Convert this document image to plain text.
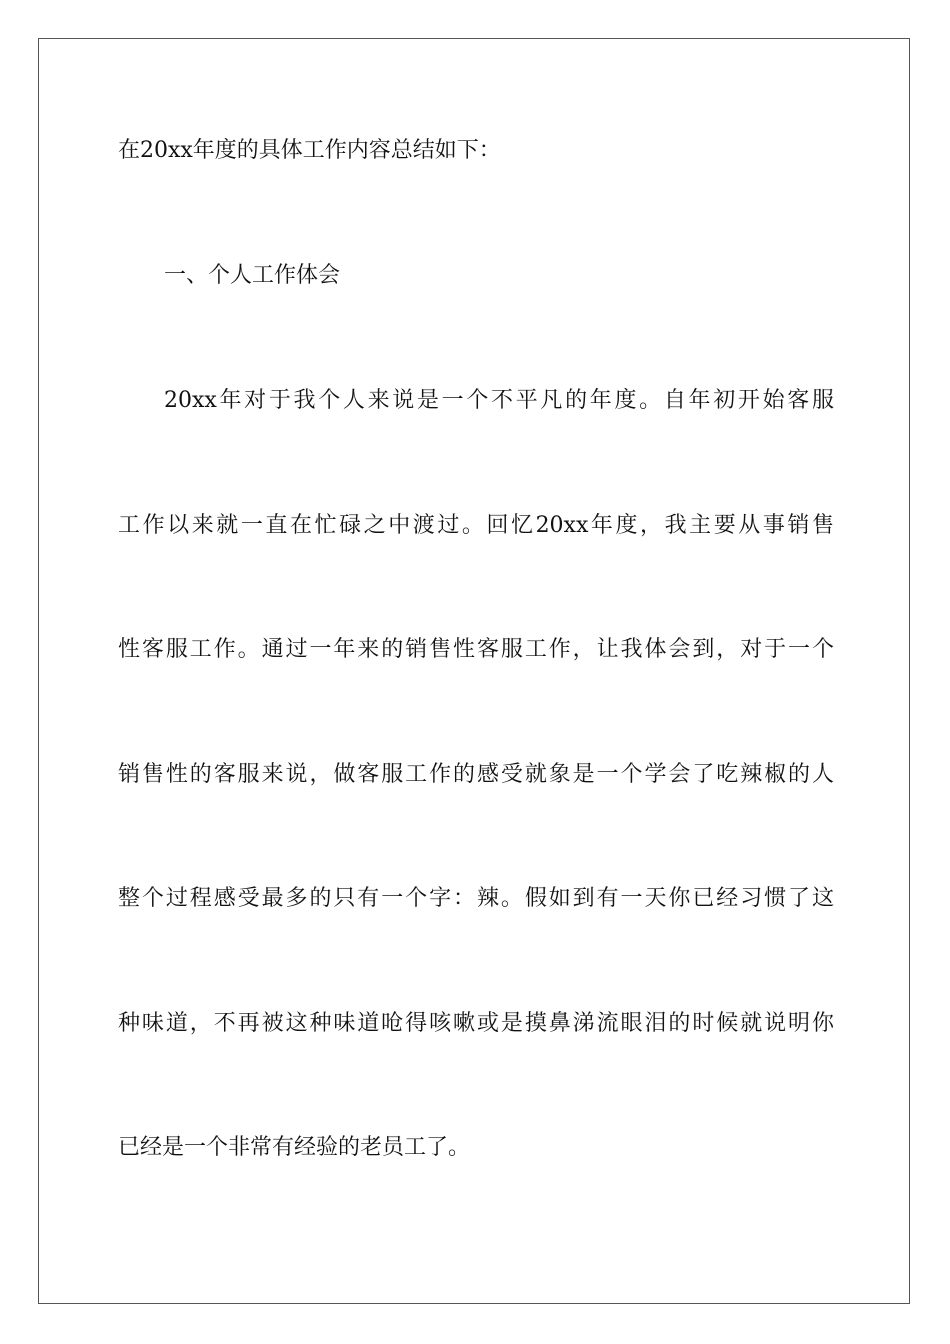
在20xx年度的具体工作内容总结如下：
一、个人工作体会
20xx年对于我个人来说是一个不平凡的年度。自年初开始客服
工作以来就一直在忙碌之中渡过。回忆20xx年度，我主要从事销售
性客服工作。通过一年来的销售性客服工作，让我体会到，对于一个
销售性的客服来说，做客服工作的感受就象是一个学会了吃辣椒的人
整个过程感受最多的只有一个字：辣。假如到有一天你已经习惯了这
种味道，不再被这种味道呛得咳嗽或是摸鼻涕流眼泪的时候就说明你
已经是一个非常有经验的老员工了。
